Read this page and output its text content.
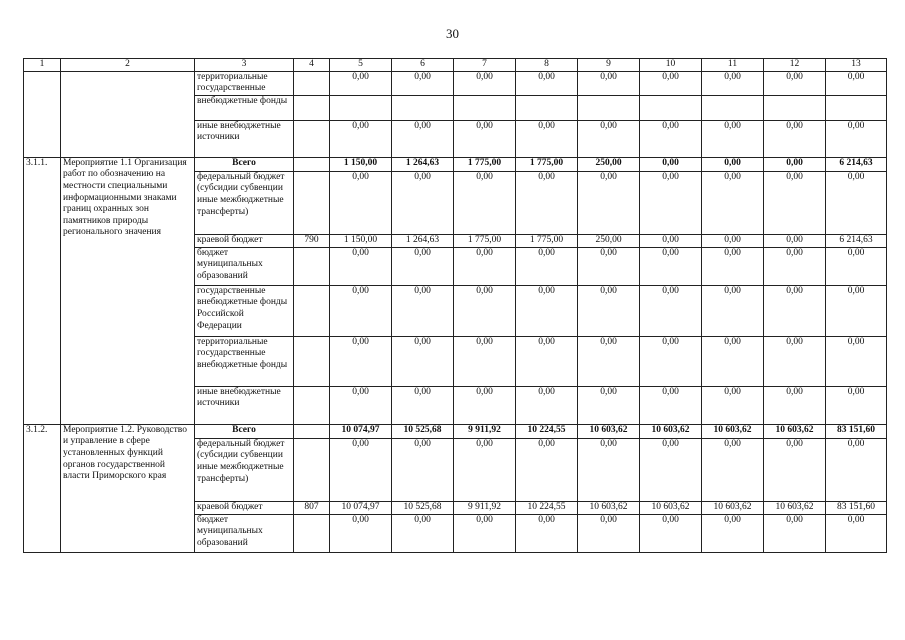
30
1	2	3	4	5	6	7	8	9	10	11	12	13
		территориальные государственные		0,00	0,00	0,00	0,00	0,00	0,00	0,00	0,00	0,00
		внебюджетные фонды										
		иные внебюджетные источники		0,00	0,00	0,00	0,00	0,00	0,00	0,00	0,00	0,00
3.1.1.	Мероприятие 1.1 Организация работ по обозначению на местности специальными информационными знаками границ охранных зон памятников природы регионального значения	Всего		1 150,00	1 264,63	1 775,00	1 775,00	250,00	0,00	0,00	0,00	6 214,63
		федеральный бюджет (субсидии субвенции иные межбюджетные трансферты)		0,00	0,00	0,00	0,00	0,00	0,00	0,00	0,00	0,00
		краевой бюджет	790	1 150,00	1 264,63	1 775,00	1 775,00	250,00	0,00	0,00	0,00	6 214,63
		бюджет муниципальных образований		0,00	0,00	0,00	0,00	0,00	0,00	0,00	0,00	0,00
		государственные внебюджетные фонды Российской Федерации		0,00	0,00	0,00	0,00	0,00	0,00	0,00	0,00	0,00
		территориальные государственные внебюджетные фонды		0,00	0,00	0,00	0,00	0,00	0,00	0,00	0,00	0,00
		иные внебюджетные источники		0,00	0,00	0,00	0,00	0,00	0,00	0,00	0,00	0,00
3.1.2.	Мероприятие 1.2. Руководство и управление в сфере установленных функций органов государственной власти Приморского края	Всего		10 074,97	10 525,68	9 911,92	10 224,55	10 603,62	10 603,62	10 603,62	10 603,62	83 151,60
		федеральный бюджет (субсидии субвенции иные межбюджетные трансферты)		0,00	0,00	0,00	0,00	0,00	0,00	0,00	0,00	0,00
		краевой бюджет	807	10 074,97	10 525,68	9 911,92	10 224,55	10 603,62	10 603,62	10 603,62	10 603,62	83 151,60
		бюджет муниципальных образований		0,00	0,00	0,00	0,00	0,00	0,00	0,00	0,00	0,00
